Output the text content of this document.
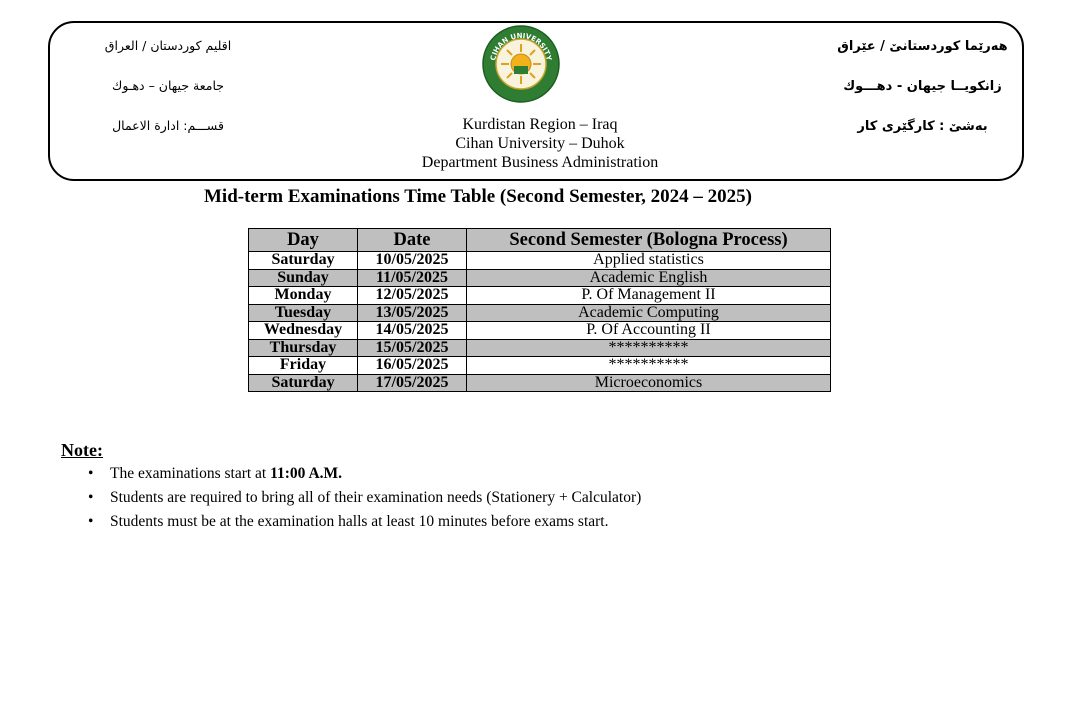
اقليم كوردستان / العراق
جامعة جيهان – دهـوك
قســـم: ادارة الاعمال
CIHAN UNIVERSITY
Kurdistan Region – Iraq
Cihan University – Duhok
Department Business Administration
هەرێما کوردستانێ / عێراق
زانكويــا جيهان - دهـــوك
بەشێ : کارگێری کار
Mid-term Examinations Time Table (Second Semester, 2024 – 2025)
Day	Date	Second Semester (Bologna Process)
Saturday	10/05/2025	Applied statistics
Sunday	11/05/2025	Academic English
Monday	12/05/2025	P. Of Management II
Tuesday	13/05/2025	Academic Computing
Wednesday	14/05/2025	P. Of Accounting II
Thursday	15/05/2025	**********
Friday	16/05/2025	**********
Saturday	17/05/2025	Microeconomics
Note:
• The examinations start at 11:00 A.M.
• Students are required to bring all of their examination needs (Stationery + Calculator)
• Students must be at the examination halls at least 10 minutes before exams start.
